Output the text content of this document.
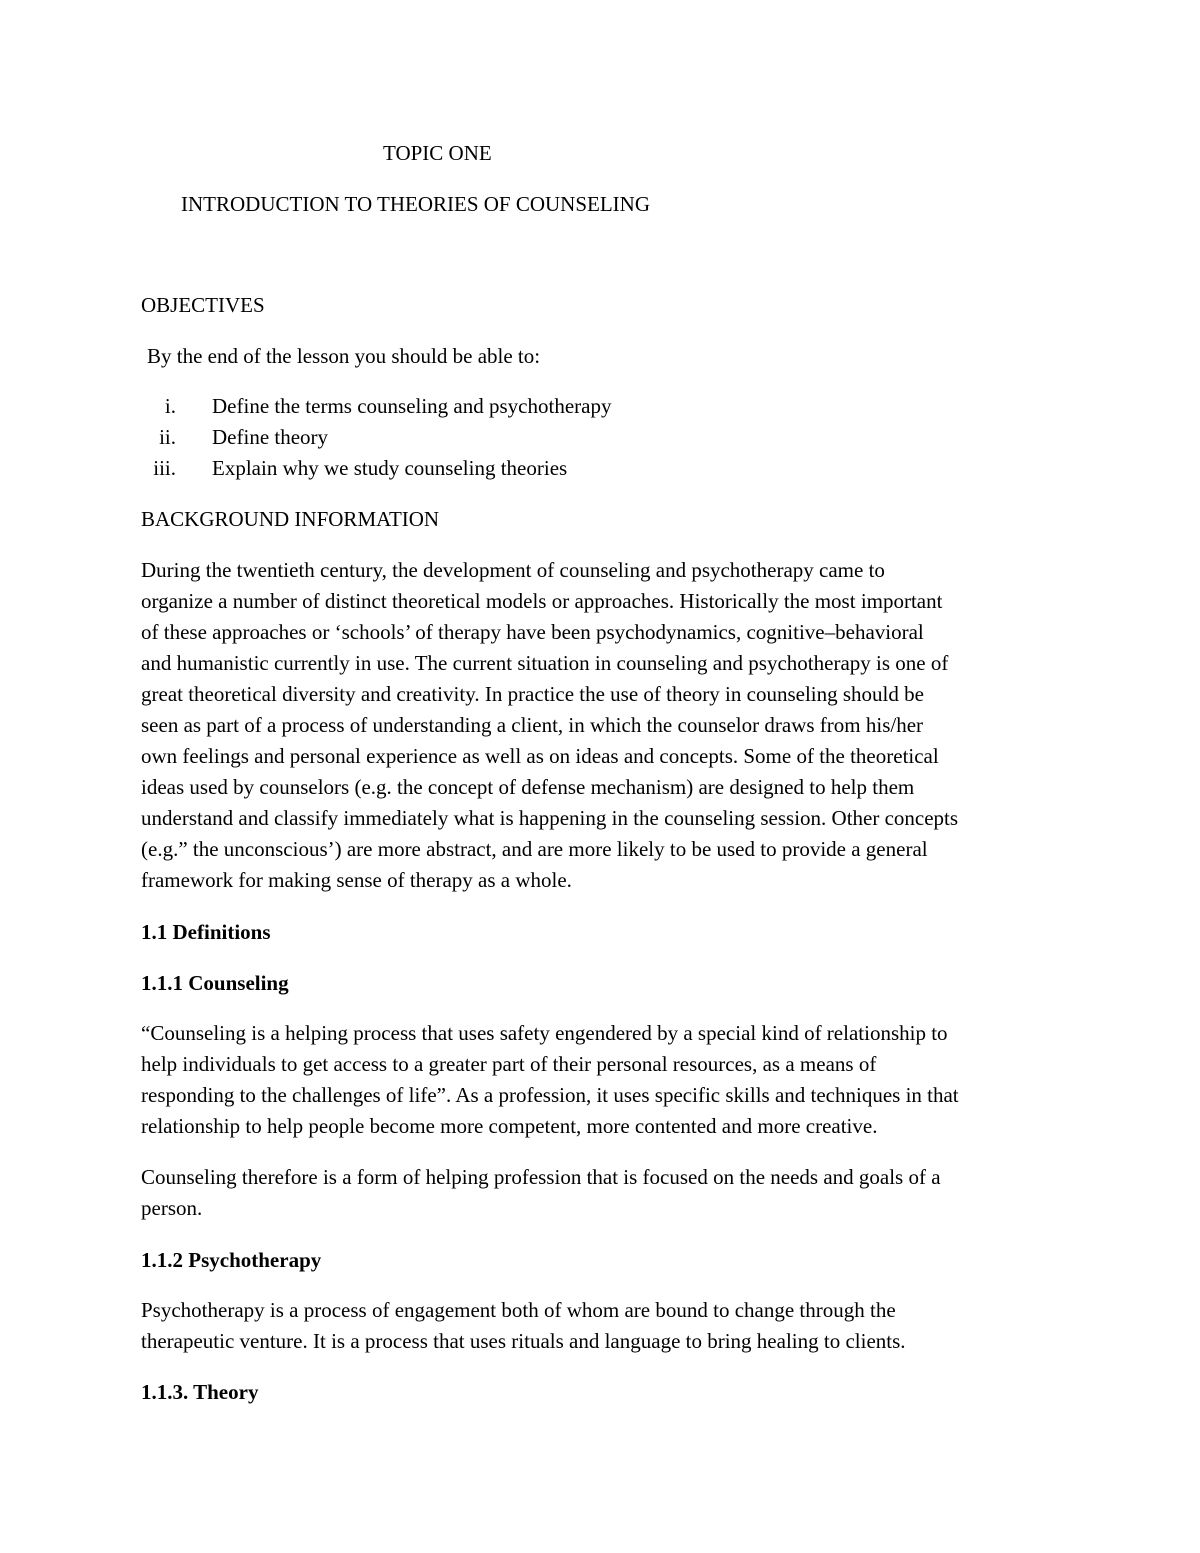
TOPIC ONE
INTRODUCTION TO THEORIES OF COUNSELING
OBJECTIVES
By the end of the lesson you should be able to:
i. Define the terms counseling and psychotherapy
ii. Define theory
iii. Explain why we study counseling theories
BACKGROUND INFORMATION
During the twentieth century, the development of counseling and psychotherapy came to
organize a number of distinct theoretical models or approaches. Historically the most important
of these approaches or ‘schools’ of therapy have been psychodynamics, cognitive–behavioral
and humanistic currently in use. The current situation in counseling and psychotherapy is one of
great theoretical diversity and creativity. In practice the use of theory in counseling should be
seen as part of a process of understanding a client, in which the counselor draws from his/her
own feelings and personal experience as well as on ideas and concepts. Some of the theoretical
ideas used by counselors (e.g. the concept of defense mechanism) are designed to help them
understand and classify immediately what is happening in the counseling session. Other concepts
(e.g.” the unconscious’) are more abstract, and are more likely to be used to provide a general
framework for making sense of therapy as a whole.
1.1 Definitions
1.1.1 Counseling
“Counseling is a helping process that uses safety engendered by a special kind of relationship to
help individuals to get access to a greater part of their personal resources, as a means of
responding to the challenges of life”. As a profession, it uses specific skills and techniques in that
relationship to help people become more competent, more contented and more creative.
Counseling therefore is a form of helping profession that is focused on the needs and goals of a
person.
1.1.2 Psychotherapy
Psychotherapy is a process of engagement both of whom are bound to change through the
therapeutic venture. It is a process that uses rituals and language to bring healing to clients.
1.1.3. Theory
